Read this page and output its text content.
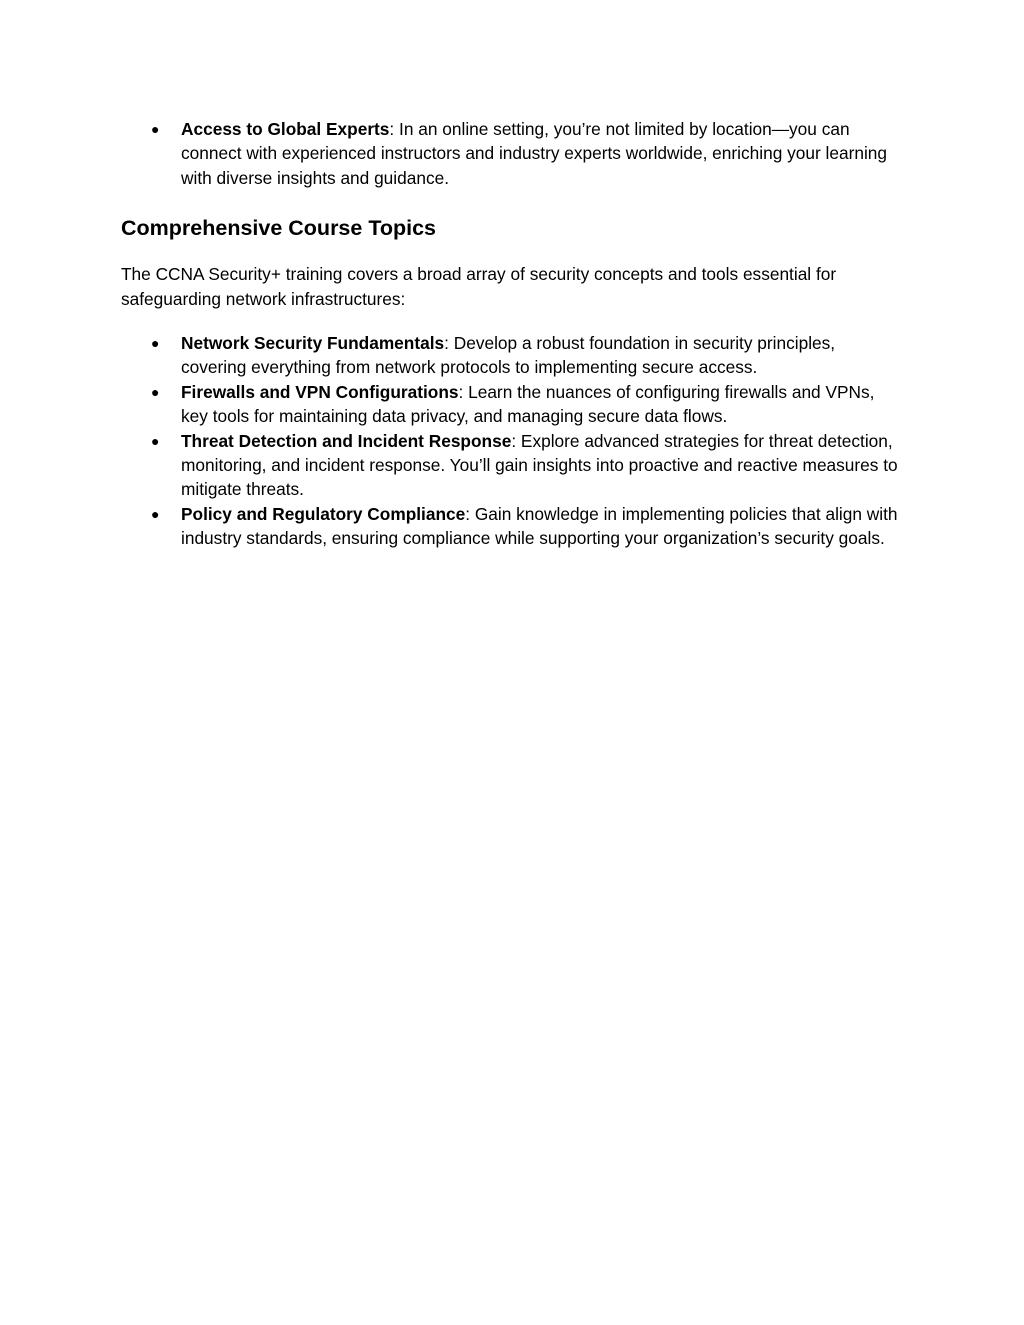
● Access to Global Experts: In an online setting, you’re not limited by location—you can connect with experienced instructors and industry experts worldwide, enriching your learning with diverse insights and guidance.
Comprehensive Course Topics

The CCNA Security+ training covers a broad array of security concepts and tools essential for safeguarding network infrastructures:

● Network Security Fundamentals: Develop a robust foundation in security principles, covering everything from network protocols to implementing secure access.
● Firewalls and VPN Configurations: Learn the nuances of configuring firewalls and VPNs, key tools for maintaining data privacy, and managing secure data flows.
● Threat Detection and Incident Response: Explore advanced strategies for threat detection, monitoring, and incident response. You’ll gain insights into proactive and reactive measures to mitigate threats.
● Policy and Regulatory Compliance: Gain knowledge in implementing policies that align with industry standards, ensuring compliance while supporting your organization’s security goals.
